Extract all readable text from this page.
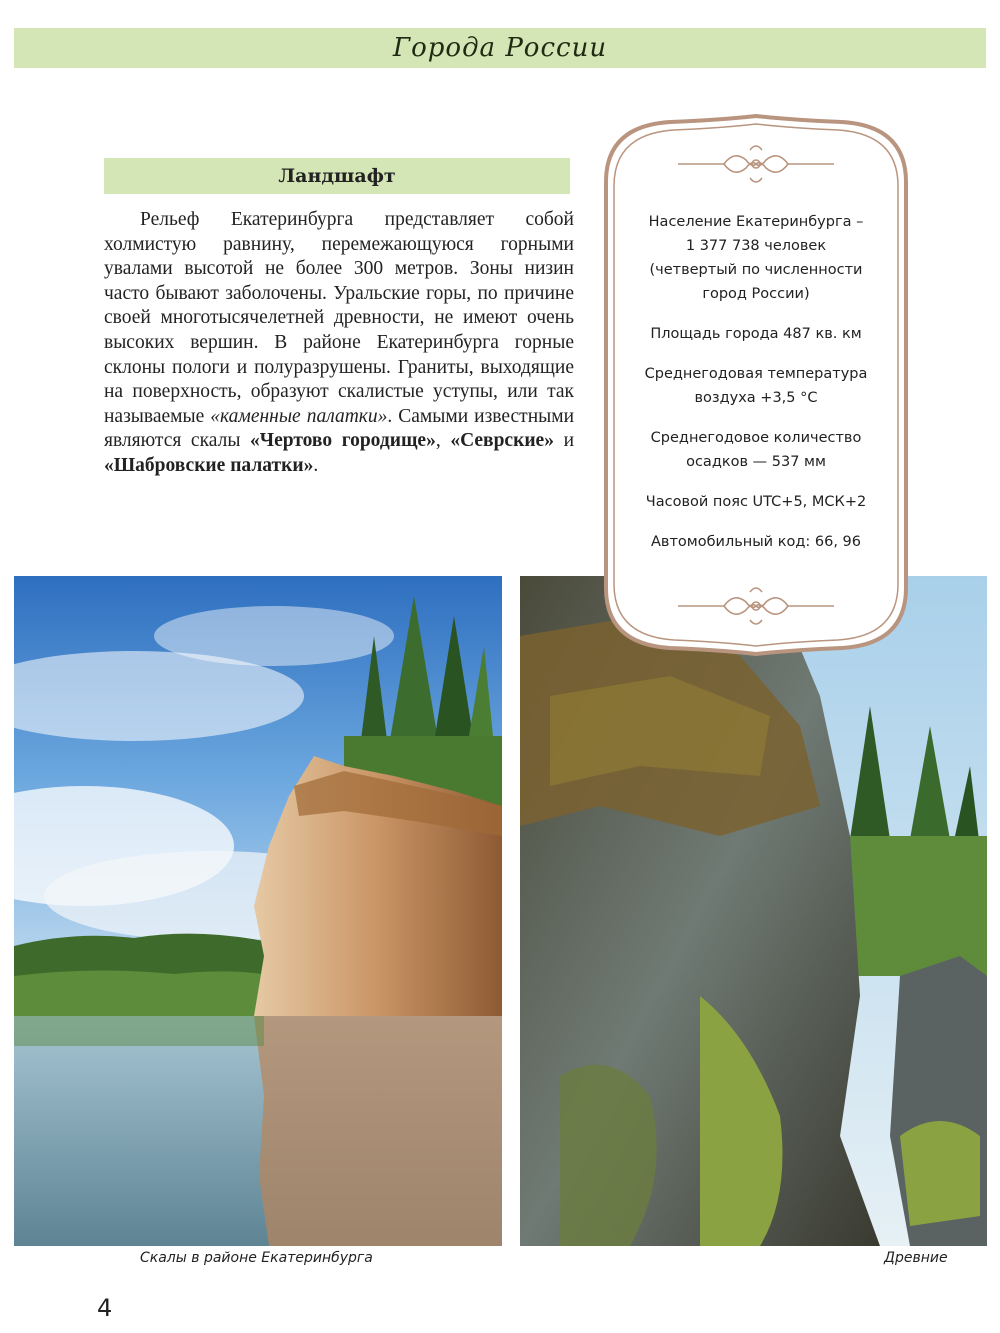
Города России
Ландшафт

Рельеф Екатеринбурга представляет собой холмистую равнину, перемежающуюся горными увалами высотой не более 300 метров. Зоны низин часто бывают заболочены. Уральские горы, по причине своей многотысячелетней древности, не имеют очень высоких вершин. В районе Екатеринбурга горные склоны пологи и полуразрушены. Граниты, выходящие на поверхность, образуют скалистые уступы, или так называемые «каменные палатки». Самыми известными являются скалы «Чертово городище», «Севрские» и «Шабровские палатки».

Население Екатеринбурга –
1 377 738 человек
(четвертый по численности
город России)

Площадь города 487 кв. км

Среднегодовая температура
воздуха +3,5 °С

Среднегодовое количество
осадков — 537 мм

Часовой пояс UTC+5, МСК+2

Автомобильный код: 66, 96

Скалы в районе Екатеринбурга	Древние
4
